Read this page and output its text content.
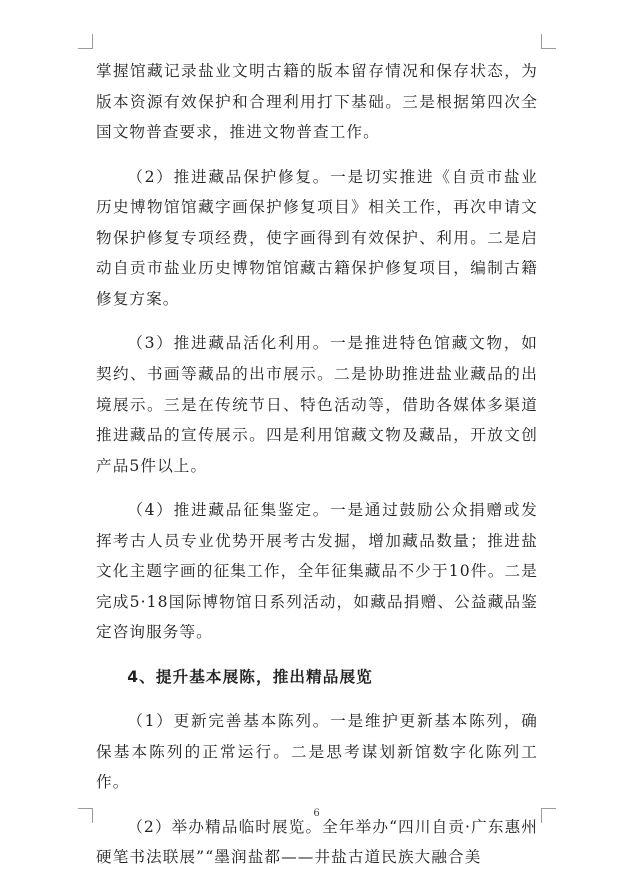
掌握馆藏记录盐业文明古籍的版本留存情况和保存状态，为版本资源有效保护和合理利用打下基础。三是根据第四次全国文物普查要求，推进文物普查工作。

（2）推进藏品保护修复。一是切实推进《自贡市盐业历史博物馆馆藏字画保护修复项目》相关工作，再次申请文物保护修复专项经费，使字画得到有效保护、利用。二是启动自贡市盐业历史博物馆馆藏古籍保护修复项目，编制古籍修复方案。

（3）推进藏品活化利用。一是推进特色馆藏文物，如契约、书画等藏品的出市展示。二是协助推进盐业藏品的出境展示。三是在传统节日、特色活动等，借助各媒体多渠道推进藏品的宣传展示。四是利用馆藏文物及藏品，开放文创产品5件以上。

（4）推进藏品征集鉴定。一是通过鼓励公众捐赠或发挥考古人员专业优势开展考古发掘，增加藏品数量；推进盐文化主题字画的征集工作，全年征集藏品不少于10件。二是完成5·18国际博物馆日系列活动，如藏品捐赠、公益藏品鉴定咨询服务等。

4、提升基本展陈，推出精品展览

（1）更新完善基本陈列。一是维护更新基本陈列，确保基本陈列的正常运行。二是思考谋划新馆数字化陈列工作。

（2）举办精品临时展览。全年举办“四川自贡·广东惠州硬笔书法联展”“墨润盐都——井盐古道民族大融合美

6
